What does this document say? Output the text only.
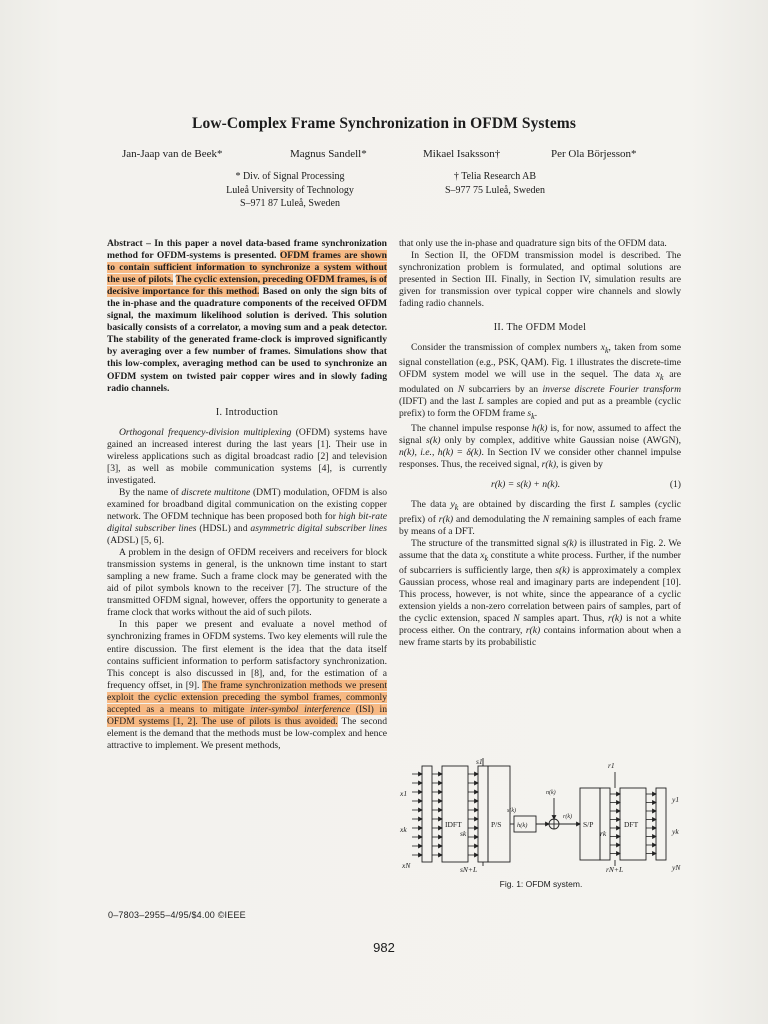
Low-Complex Frame Synchronization in OFDM Systems
Jan-Jaap van de Beek*	Magnus Sandell*	Mikael Isaksson†	Per Ola Börjesson*
* Div. of Signal Processing
Luleå University of Technology
S–971 87 Luleå, Sweden
† Telia Research AB
S–977 75 Luleå, Sweden

Abstract – In this paper a novel data-based frame synchronization method for OFDM-systems is presented. OFDM frames are shown to contain sufficient information to synchronize a system without the use of pilots. The cyclic extension, preceding OFDM frames, is of decisive importance for this method. Based on only the sign bits of the in-phase and the quadrature components of the received OFDM signal, the maximum likelihood solution is derived. This solution basically consists of a correlator, a moving sum and a peak detector. The stability of the generated frame-clock is improved significantly by averaging over a few number of frames. Simulations show that this low-complex, averaging method can be used to synchronize an OFDM system on twisted pair copper wires and in slowly fading radio channels.

I. Introduction

Orthogonal frequency-division multiplexing (OFDM) systems have gained an increased interest during the last years [1]. Their use in wireless applications such as digital broadcast radio [2] and television [3], as well as mobile communication systems [4], is currently investigated.

By the name of discrete multitone (DMT) modulation, OFDM is also examined for broadband digital communication on the existing copper network. The OFDM technique has been proposed both for high bit-rate digital subscriber lines (HDSL) and asymmetric digital subscriber lines (ADSL) [5, 6].

A problem in the design of OFDM receivers and receivers for block transmission systems in general, is the unknown time instant to start sampling a new frame. Such a frame clock may be generated with the aid of pilot symbols known to the receiver [7]. The structure of the transmitted OFDM signal, however, offers the opportunity to generate a frame clock that works without the aid of such pilots.

In this paper we present and evaluate a novel method of synchronizing frames in OFDM systems. Two key elements will rule the entire discussion. The first element is the idea that the data itself contains sufficient information to perform satisfactory synchronization. This concept is also discussed in [8], and, for the estimation of a frequency offset, in [9]. The frame synchronization methods we present exploit the cyclic extension preceding the symbol frames, commonly accepted as a means to mitigate inter-symbol interference (ISI) in OFDM systems [1, 2]. The use of pilots is thus avoided. The second element is the demand that the methods must be low-complex and hence attractive to implement. We present methods,

that only use the in-phase and quadrature sign bits of the OFDM data.

In Section II, the OFDM transmission model is described. The synchronization problem is formulated, and optimal solutions are presented in Section III. Finally, in Section IV, simulation results are given for transmission over typical copper wire channels and slowly fading radio channels.

II. The OFDM Model

Consider the transmission of complex numbers $x_k$, taken from some signal constellation (e.g., PSK, QAM). Fig. 1 illustrates the discrete-time OFDM system model we will use in the sequel. The data $x_k$ are modulated on N subcarriers by an inverse discrete Fourier transform (IDFT) and the last L samples are copied and put as a preamble (cyclic prefix) to form the OFDM frame $s_k$.

The channel impulse response h(k) is, for now, assumed to affect the signal s(k) only by complex, additive white Gaussian noise (AWGN), n(k), i.e., h(k) = δ(k). In Section IV we consider other channel impulse responses. Thus, the received signal, r(k), is given by

r(k) = s(k) + n(k).	(1)

The data $y_k$ are obtained by discarding the first L samples (cyclic prefix) of r(k) and demodulating the N remaining samples of each frame by means of a DFT.

The structure of the transmitted signal s(k) is illustrated in Fig. 2. We assume that the data $x_k$ constitute a white process. Further, if the number of subcarriers is sufficiently large, then s(k) is approximately a complex Gaussian process, whose real and imaginary parts are independent [10]. This process, however, is not white, since the appearance of a cyclic extension yields a non-zero correlation between pairs of samples, part of the cyclic extension, spaced N samples apart. Thus, r(k) is not a white process either. On the contrary, r(k) contains information about when a new frame starts by its probabilistic

x1
xk
xN
s1
sk
sN+L
IDFT	P/S
s(k)
h(k)
n(k)
r(k)
S/P	DFT
r1
rk
rN+L
y1
yk
yN
Fig. 1: OFDM system.
0–7803–2955–4/95/$4.00 ©IEEE
982
